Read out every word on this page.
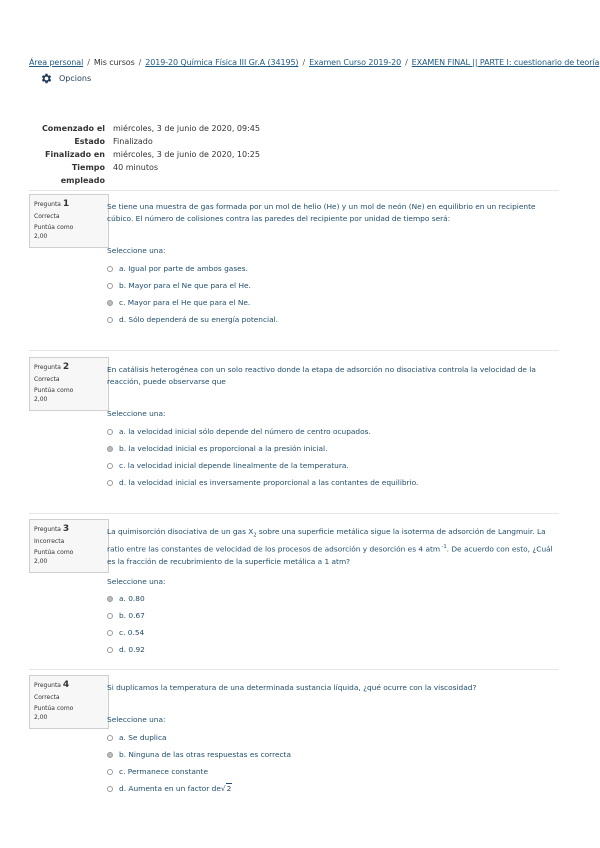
Área personal / Mis cursos / 2019-20 Química Física III Gr.A (34195) / Examen Curso 2019-20 / EXAMEN FINAL || PARTE I: cuestionario de teoría
Opcions
Comenzado el	miércoles, 3 de junio de 2020, 09:45
Estado	Finalizado
Finalizado en	miércoles, 3 de junio de 2020, 10:25
Tiempo empleado	40 minutos
Pregunta 1
Correcta
Puntúa como
2,00
Se tiene una muestra de gas formada por un mol de helio (He) y un mol de neón (Ne) en equilibrio en un recipiente cúbico. El número de colisiones contra las paredes del recipiente por unidad de tiempo será:
Seleccione una:
a. Igual por parte de ambos gases.
b. Mayor para el Ne que para el He.
c. Mayor para el He que para el Ne.
d. Sólo dependerá de su energía potencial.
Pregunta 2
Correcta
Puntúa como
2,00
En catálisis heterogénea con un solo reactivo donde la etapa de adsorción no disociativa controla la velocidad de la reacción, puede observarse que
Seleccione una:
a. la velocidad inicial sólo depende del número de centro ocupados.
b. la velocidad inicial es proporcional a la presión inicial.
c. la velocidad inicial depende linealmente de la temperatura.
d. la velocidad inicial es inversamente proporcional a las contantes de equilibrio.
Pregunta 3
Incorrecta
Puntúa como
2,00
La quimisorción disociativa de un gas $X_2$ sobre una superficie metálica sigue la isoterma de adsorción de Langmuir. La ratio entre las constantes de velocidad de los procesos de adsorción y desorción es 4 atm $^{-1}$. De acuerdo con esto, ¿Cuál es la fracción de recubrimiento de la superficie metálica a 1 atm?
Seleccione una:
a. 0.80
b. 0.67
c. 0.54
d. 0.92
Pregunta 4
Correcta
Puntúa como
2,00
Si duplicamos la temperatura de una determinada sustancia líquida, ¿qué ocurre con la viscosidad?
Seleccione una:
a. Se duplica
b. Ninguna de las otras respuestas es correcta
c. Permanece constante
d. Aumenta en un factor de √2
